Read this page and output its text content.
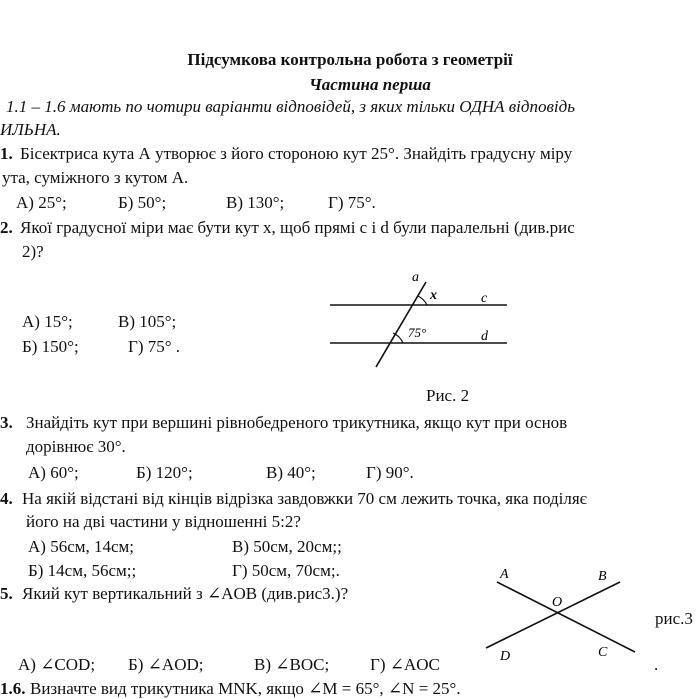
Підсумкова контрольна робота з геометрії
Частина перша
1.1 – 1.6 мають по чотири варіанти відповідей, з яких тільки ОДНА відповідь
ИЛЬНА.
1. Бісектриса кута А утворює з його стороною кут 25°. Знайдіть градусну міру
ута, суміжного з кутом А.
А) 25°;	Б) 50°;	В) 130°;	Г) 75°.
2. Якої градусної міри має бути кут х, щоб прямі с і d були паралельні (див.рис
2)?
А) 15°;	В) 105°;
Б) 150°;	Г) 75° .
a
x	c
75°	d
Рис. 2
3. Знайдіть кут при вершині рівнобедреного трикутника, якщо кут при основ
дорівнює 30°.
А) 60°;	Б) 120°;	В) 40°;	Г) 90°.
4. На якій відстані від кінців відрізка завдовжки 70 см лежить точка, яка поділяє
його на дві частини у відношенні 5:2?
А) 56см, 14см;	В) 50см, 20см;;
Б) 14см, 56см;;	Г) 50см, 70см;.
5. Який кут вертикальний з ∠AOB (див.рис3.)?
А) ∠COD; Б) ∠AOD;	В) ∠BOC; Г) ∠AOC
A	B
O
D	C
рис.3
.
1.6. Визначте вид трикутника MNK, якщо ∠M = 65°, ∠N = 25°.
